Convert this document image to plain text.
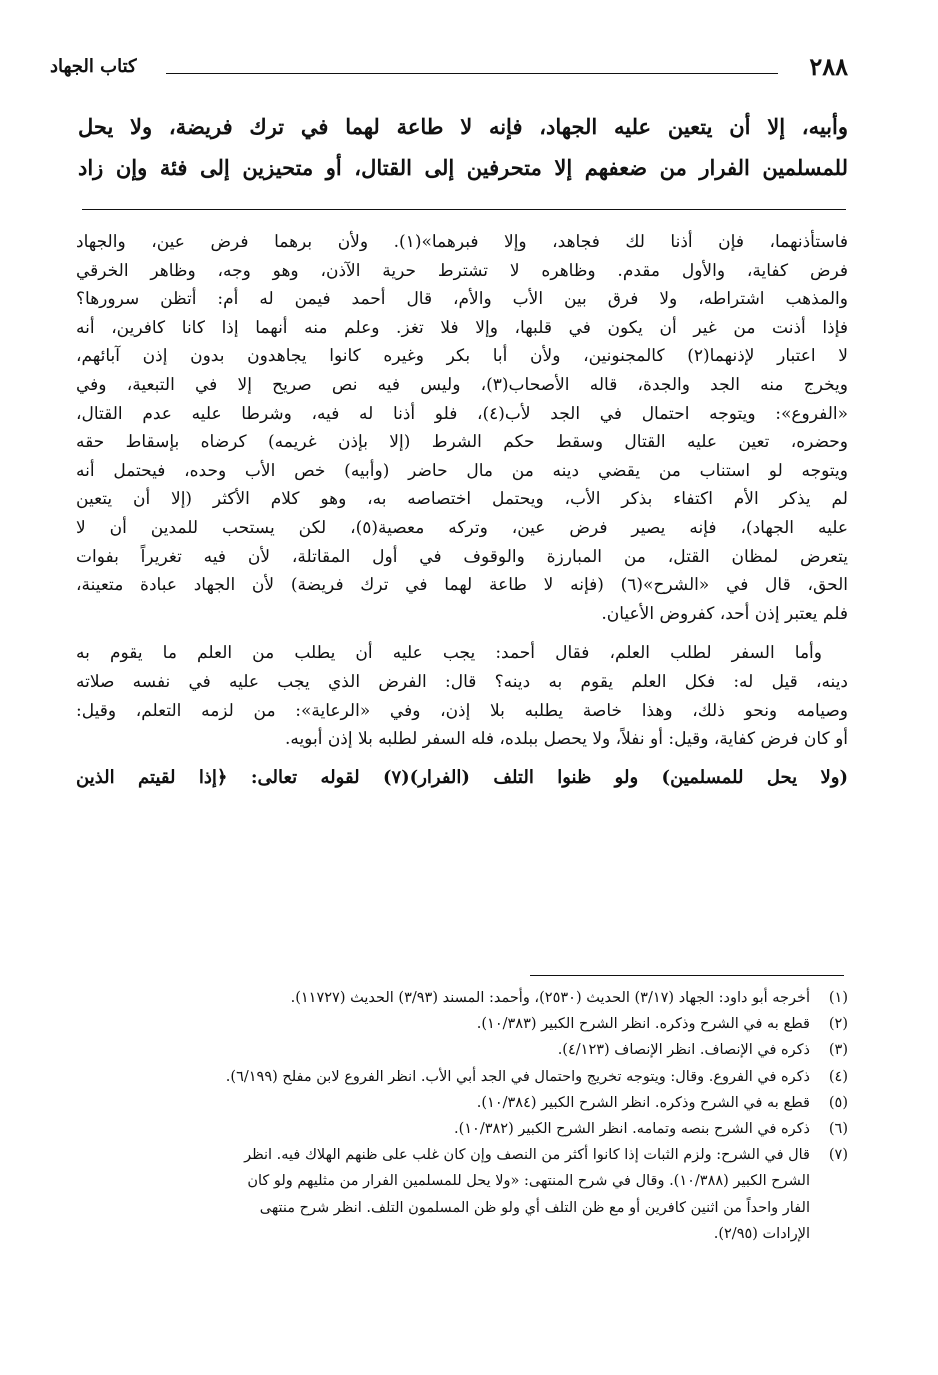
٢٨٨
كتاب الجهاد

وأبيه، إلا أن يتعين عليه الجهاد، فإنه لا طاعة لهما في ترك فريضة، ولا يحل

للمسلمين الفرار من ضعفهم إلا متحرفين إلى القتال، أو متحيزين إلى فئة وإن زاد

فاستأذنهما، فإن أذنا لك فجاهد، وإلا فبرهما»(١). ولأن برهما فرض عين، والجهاد

فرض كفاية، والأول مقدم. وظاهره لا تشترط حرية الآذن، وهو وجه، وظاهر الخرقي

والمذهب اشتراطه، ولا فرق بين الأب والأم، قال أحمد فيمن له أم: أتظن سرورها؟

فإذا أذنت من غير أن يكون في قلبها، وإلا فلا تغز. وعلم منه أنهما إذا كانا كافرين، أنه

لا اعتبار لإذنهما(٢) كالمجنونين، ولأن أبا بكر وغيره كانوا يجاهدون بدون إذن آبائهم،

ويخرج منه الجد والجدة، قاله الأصحاب(٣)، وليس فيه نص صريح إلا في التبعية، وفي

«الفروع»: ويتوجه احتمال في الجد لأب(٤)، فلو أذنا له فيه، وشرطا عليه عدم القتال،

وحضره، تعين عليه القتال وسقط حكم الشرط (إلا بإذن غريمه) كرضاه بإسقاط حقه

ويتوجه لو استناب من يقضي دينه من مال حاضر (وأبيه) خص الأب وحده، فيحتمل أنه

لم يذكر الأم اكتفاء بذكر الأب، ويحتمل اختصاصه به، وهو كلام الأكثر (إلا أن يتعين

عليه الجهاد)، فإنه يصير فرض عين، وتركه معصية(٥)، لكن يستحب للمدين أن لا

يتعرض لمظان القتل، من المبارزة والوقوف في أول المقاتلة، لأن فيه تغريراً بفوات

الحق، قال في «الشرح»(٦) (فإنه لا طاعة لهما في ترك فريضة) لأن الجهاد عبادة متعينة،

فلم يعتبر إذن أحد، كفروض الأعيان.

وأما السفر لطلب العلم، فقال أحمد: يجب عليه أن يطلب من العلم ما يقوم به

دينه، قيل له: فكل العلم يقوم به دينه؟ قال: الفرض الذي يجب عليه في نفسه صلاته

وصيامه ونحو ذلك، وهذا خاصة يطلبه بلا إذن، وفي «الرعاية»: من لزمه التعلم، وقيل:

أو كان فرض كفاية، وقيل: أو نفلاً، ولا يحصل ببلده، فله السفر لطلبه بلا إذن أبويه.

(ولا يحل للمسلمين) ولو ظنوا التلف (الفرار)(٧) لقوله تعالى: ﴿إذا لقيتم الذين

(١)
أخرجه أبو داود: الجهاد (٣/١٧) الحديث (٢٥٣٠)، وأحمد: المسند (٣/٩٣) الحديث (١١٧٢٧).
(٢)
قطع به في الشرح وذكره. انظر الشرح الكبير (١٠/٣٨٣).
(٣)
ذكره في الإنصاف. انظر الإنصاف (٤/١٢٣).
(٤)
ذكره في الفروع. وقال: ويتوجه تخريج واحتمال في الجد أبي الأب. انظر الفروع لابن مفلح (٦/١٩٩).
(٥)
قطع به في الشرح وذكره. انظر الشرح الكبير (١٠/٣٨٤).
(٦)
ذكره في الشرح بنصه وتمامه. انظر الشرح الكبير (١٠/٣٨٢).
(٧)
قال في الشرح: ولزم الثبات إذا كانوا أكثر من النصف وإن كان غلب على ظنهم الهلاك فيه. انظر
الشرح الكبير (١٠/٣٨٨). وقال في شرح المنتهى: «ولا يحل للمسلمين الفرار من مثليهم ولو كان
الفار واحداً من اثنين كافرين أو مع ظن التلف أي ولو ظن المسلمون التلف. انظر شرح منتهى
الإرادات (٢/٩٥).
